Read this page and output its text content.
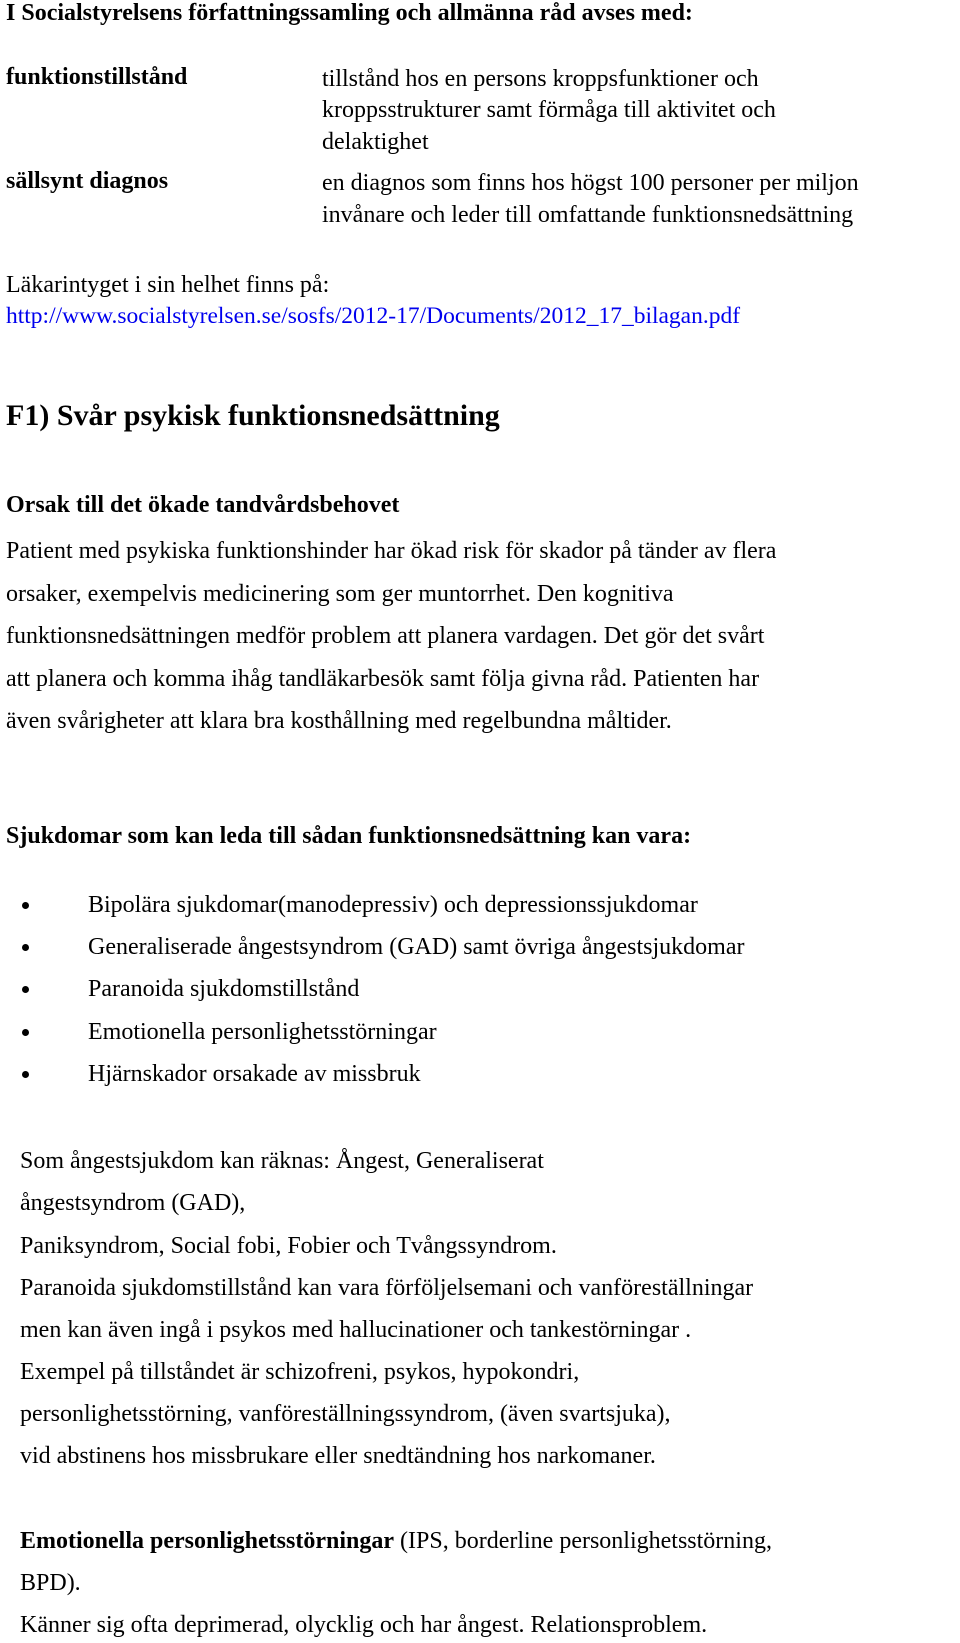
I Socialstyrelsens författningssamling och allmänna råd avses med:
funktionstillstånd	tillstånd hos en persons kroppsfunktioner och
kroppsstrukturer samt förmåga till aktivitet och
delaktighet
sällsynt diagnos	en diagnos som finns hos högst 100 personer per miljon
invånare och leder till omfattande funktionsnedsättning
Läkarintyget i sin helhet finns på:
http://www.socialstyrelsen.se/sosfs/2012-17/Documents/2012_17_bilagan.pdf
F1) Svår psykisk funktionsnedsättning
Orsak till det ökade tandvårdsbehovet
Patient med psykiska funktionshinder har ökad risk för skador på tänder av flera
orsaker, exempelvis medicinering som ger muntorrhet. Den kognitiva
funktionsnedsättningen medför problem att planera vardagen. Det gör det svårt
att planera och komma ihåg tandläkarbesök samt följa givna råd. Patienten har
även svårigheter att klara bra kosthållning med regelbundna måltider.
Sjukdomar som kan leda till sådan funktionsnedsättning kan vara:
Bipolära sjukdomar(manodepressiv) och depressionssjukdomar
Generaliserade ångestsyndrom (GAD) samt övriga ångestsjukdomar
Paranoida sjukdomstillstånd
Emotionella personlighetsstörningar
Hjärnskador orsakade av missbruk
Som ångestsjukdom kan räknas: Ångest, Generaliserat
ångestsyndrom (GAD),
Paniksyndrom, Social fobi, Fobier och Tvångssyndrom.
Paranoida sjukdomstillstånd kan vara förföljelsemani och vanföreställningar
men kan även ingå i psykos med hallucinationer och tankestörningar .
Exempel på tillståndet är schizofreni, psykos, hypokondri,
personlighetsstörning, vanföreställningssyndrom, (även svartsjuka),
vid abstinens hos missbrukare eller snedtändning hos narkomaner.
Emotionella personlighetsstörningar (IPS, borderline personlighetsstörning,
BPD).
Känner sig ofta deprimerad, olycklig och har ångest. Relationsproblem.
